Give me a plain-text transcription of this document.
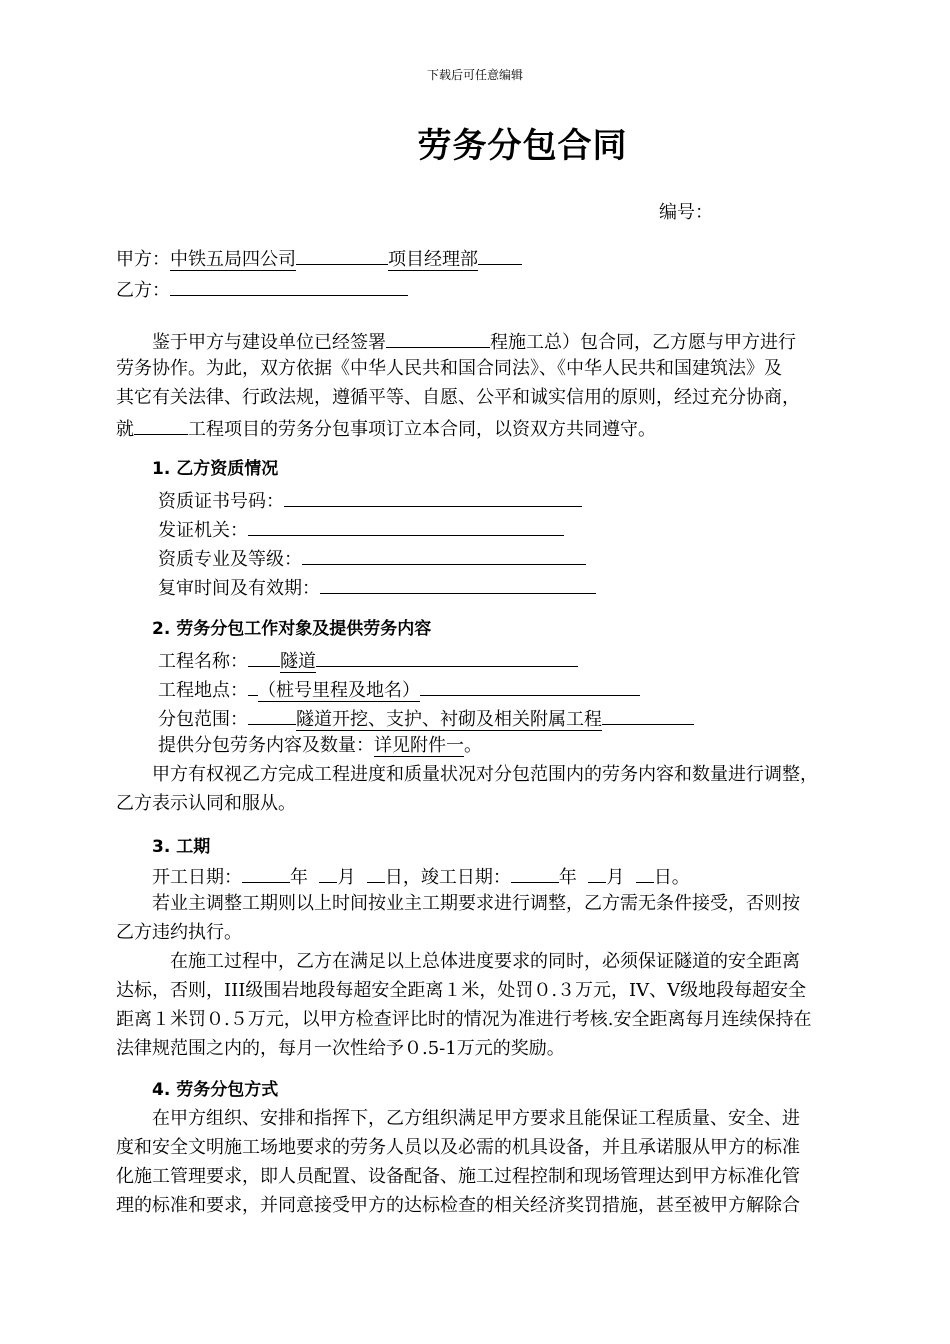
下载后可任意编辑
劳务分包合同
编号：
甲方：中铁五局四公司	项目经理部
乙方：
鉴于甲方与建设单位已经签署	程施工总）包合同，乙方愿与甲方进行
劳务协作。为此，双方依据《中华人民共和国合同法》、《中华人民共和国建筑法》及
其它有关法律、行政法规，遵循平等、自愿、公平和诚实信用的原则，经过充分协商，
就	工程项目的劳务分包事项订立本合同，以资双方共同遵守。
1. 乙方资质情况
资质证书号码：
发证机关：
资质专业及等级：
复审时间及有效期：
2. 劳务分包工作对象及提供劳务内容
工程名称： 隧道
工程地点： （桩号里程及地名）
分包范围：	隧道开挖、支护、衬砌及相关附属工程
提供分包劳务内容及数量：详见附件一。
甲方有权视乙方完成工程进度和质量状况对分包范围内的劳务内容和数量进行调整，
乙方表示认同和服从。
3. 工期
开工日期：	年 月 日，竣工日期：	年 月 日。
若业主调整工期则以上时间按业主工期要求进行调整，乙方需无条件接受，否则按
乙方违约执行。
在施工过程中，乙方在满足以上总体进度要求的同时，必须保证隧道的安全距离
达标，否则，III级围岩地段每超安全距离１米，处罚０.３万元，IV、V级地段每超安全
距离１米罚０.５万元，以甲方检查评比时的情况为准进行考核.安全距离每月连续保持在
法律规范围之内的，每月一次性给予０.5-1万元的奖励。
4. 劳务分包方式
在甲方组织、安排和指挥下，乙方组织满足甲方要求且能保证工程质量、安全、进
度和安全文明施工场地要求的劳务人员以及必需的机具设备，并且承诺服从甲方的标准
化施工管理要求，即人员配置、设备配备、施工过程控制和现场管理达到甲方标准化管
理的标准和要求，并同意接受甲方的达标检查的相关经济奖罚措施，甚至被甲方解除合
